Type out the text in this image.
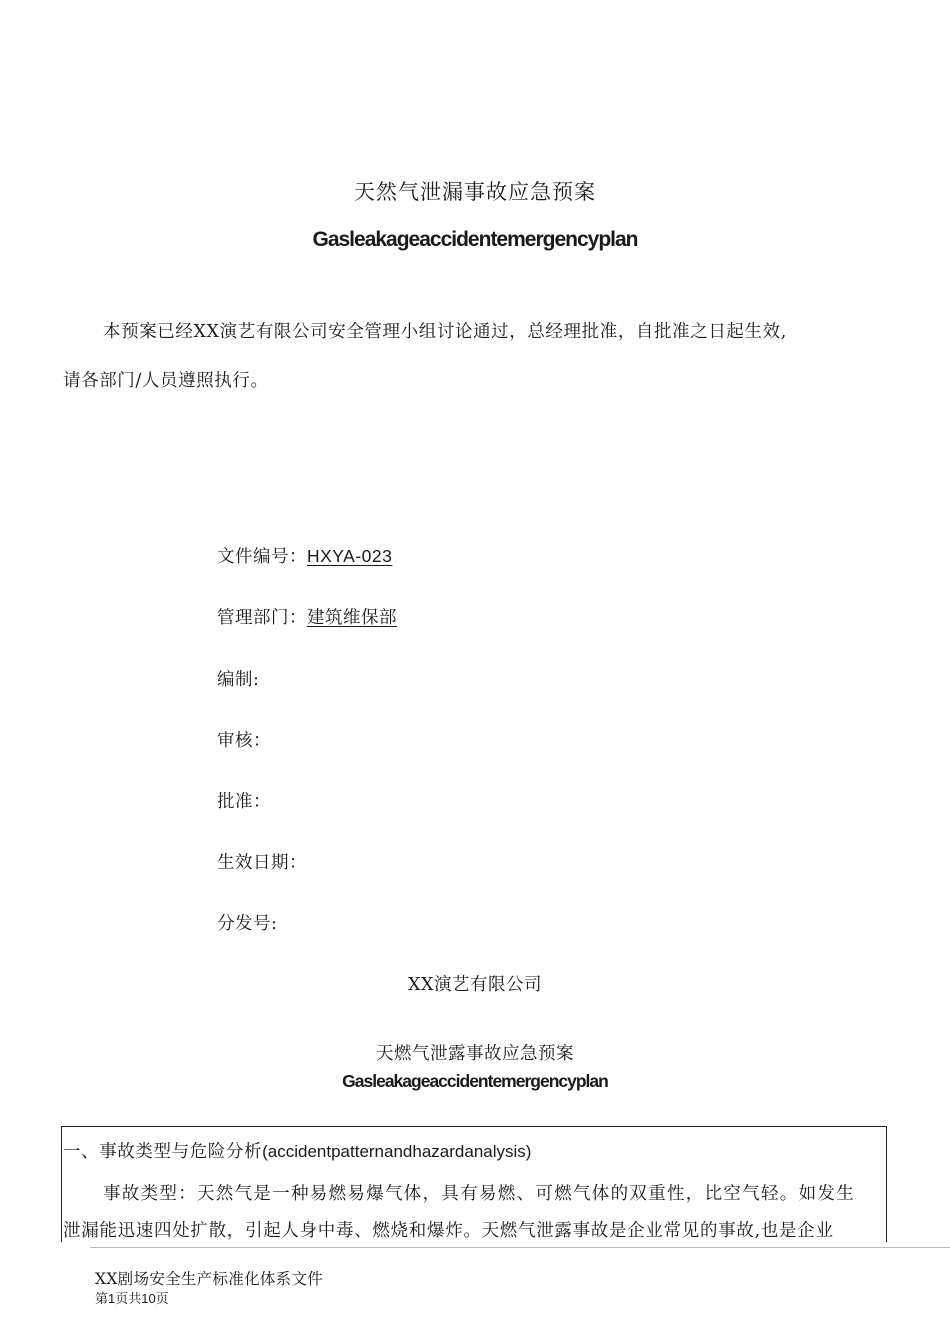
天然气泄漏事故应急预案
Gasleakageaccidentemergencyplan
本预案已经XX演艺有限公司安全管理小组讨论通过，总经理批准，自批准之日起生效,
请各部门/人员遵照执行。
文件编号：HXYA-023
管理部门：建筑维保部
编制:
审核：
批准：
生效日期：
分发号:
XX演艺有限公司
天燃气泄露事故应急预案
Gasleakageaccidentemergencyplan
一、事故类型与危险分析(accidentpatternandhazardanalysis)
事故类型：天然气是一种易燃易爆气体，具有易燃、可燃气体的双重性，比空气轻。如发生
泄漏能迅速四处扩散，引起人身中毒、燃烧和爆炸。天燃气泄露事故是企业常见的事故,也是企业
XX剧场安全生产标准化体系文件
第1页共10页
